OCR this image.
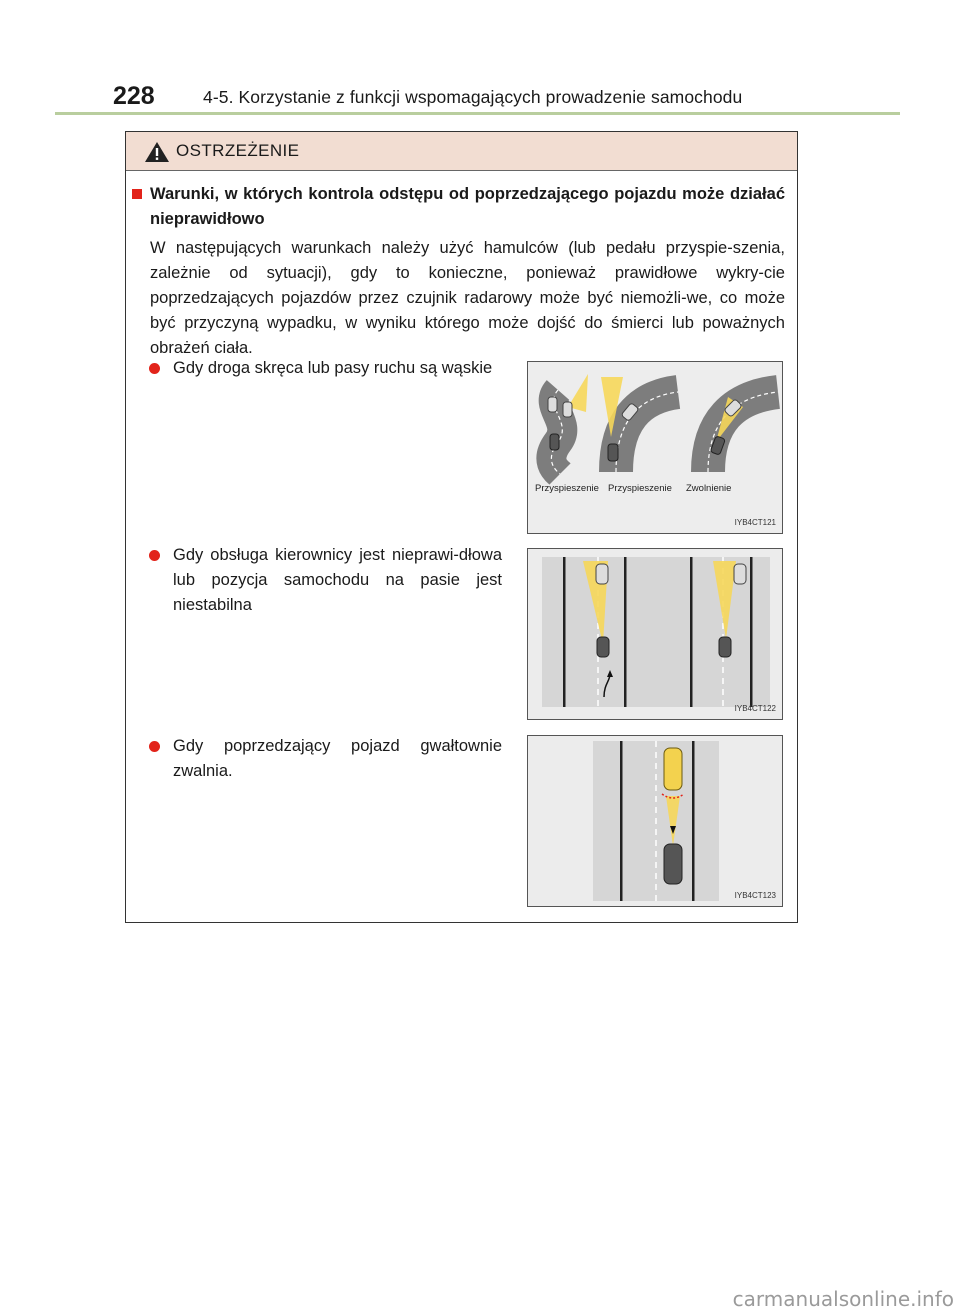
228	4-5. Korzystanie z funkcji wspomagających prowadzenie samochodu
OSTRZEŻENIE
Warunki, w których kontrola odstępu od poprzedzającego pojazdu może działać nieprawidłowo
W następujących warunkach należy użyć hamulców (lub pedału przyspie-szenia, zależnie od sytuacji), gdy to konieczne, ponieważ prawidłowe wykry-cie poprzedzających pojazdów przez czujnik radarowy może być niemożli-we, co może być przyczyną wypadku, w wyniku którego może dojść do śmierci lub poważnych obrażeń ciała.
Gdy droga skręca lub pasy ruchu są wąskie
Przyspieszenie Przyspieszenie Zwolnienie
IYB4CT121
Gdy obsługa kierownicy jest nieprawi-dłowa lub pozycja samochodu na pasie jest niestabilna
IYB4CT122
Gdy poprzedzający pojazd gwałtownie zwalnia.
IYB4CT123
carmanualsonline.info
